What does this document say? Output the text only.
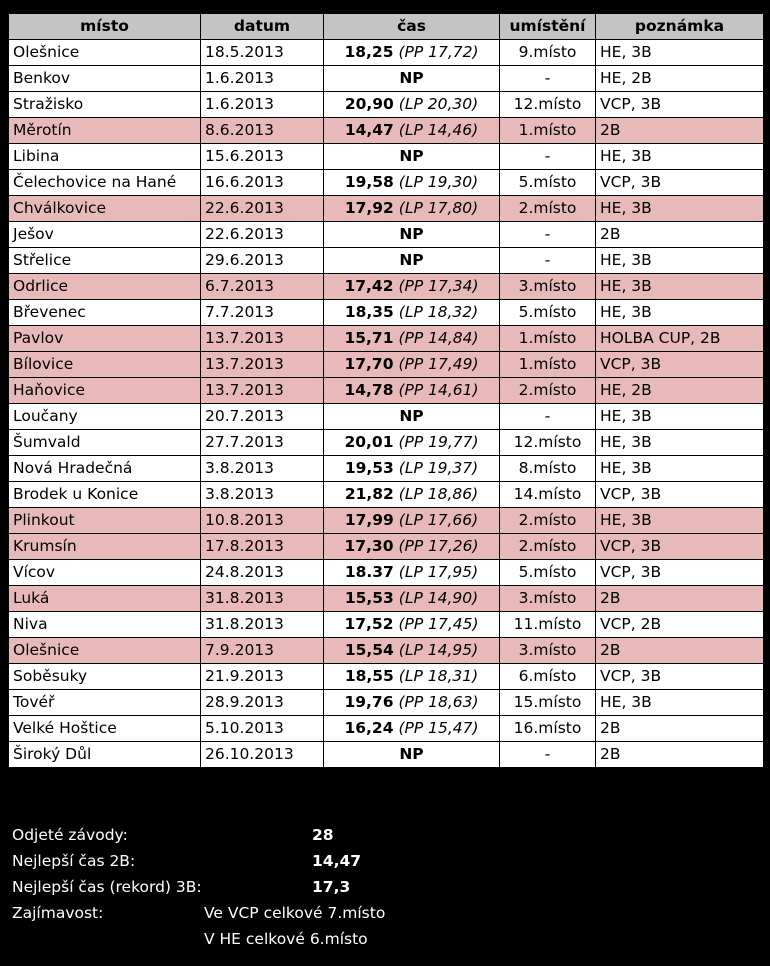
místo	datum	čas	umístění	poznámka
Olešnice	18.5.2013	18,25 (PP 17,72)	9.místo	HE, 3B
Benkov	1.6.2013	NP	-	HE, 2B
Stražisko	1.6.2013	20,90 (LP 20,30)	12.místo	VCP, 3B
Měrotín	8.6.2013	14,47 (LP 14,46)	1.místo	2B
Libina	15.6.2013	NP	-	HE, 3B
Čelechovice na Hané	16.6.2013	19,58 (LP 19,30)	5.místo	VCP, 3B
Chválkovice	22.6.2013	17,92 (LP 17,80)	2.místo	HE, 3B
Ješov	22.6.2013	NP	-	2B
Střelice	29.6.2013	NP	-	HE, 3B
Odrlice	6.7.2013	17,42 (PP 17,34)	3.místo	HE, 3B
Břevenec	7.7.2013	18,35 (LP 18,32)	5.místo	HE, 3B
Pavlov	13.7.2013	15,71 (PP 14,84)	1.místo	HOLBA CUP, 2B
Bílovice	13.7.2013	17,70 (PP 17,49)	1.místo	VCP, 3B
Haňovice	13.7.2013	14,78 (PP 14,61)	2.místo	HE, 2B
Loučany	20.7.2013	NP	-	HE, 3B
Šumvald	27.7.2013	20,01 (PP 19,77)	12.místo	HE, 3B
Nová Hradečná	3.8.2013	19,53 (LP 19,37)	8.místo	HE, 3B
Brodek u Konice	3.8.2013	21,82 (LP 18,86)	14.místo	VCP, 3B
Plinkout	10.8.2013	17,99 (LP 17,66)	2.místo	HE, 3B
Krumsín	17.8.2013	17,30 (PP 17,26)	2.místo	VCP, 3B
Vícov	24.8.2013	18.37 (LP 17,95)	5.místo	VCP, 3B
Luká	31.8.2013	15,53 (LP 14,90)	3.místo	2B
Niva	31.8.2013	17,52 (PP 17,45)	11.místo	VCP, 2B
Olešnice	7.9.2013	15,54 (LP 14,95)	3.místo	2B
Soběsuky	21.9.2013	18,55 (LP 18,31)	6.místo	VCP, 3B
Tovéř	28.9.2013	19,76 (PP 18,63)	15.místo	HE, 3B
Velké Hoštice	5.10.2013	16,24 (PP 15,47)	16.místo	2B
Široký Důl	26.10.2013	NP	-	2B
Odjeté závody:	28
Nejlepší čas 2B:	14,47
Nejlepší čas (rekord) 3B:	17,3
Zajímavost:	Ve VCP celkové 7.místo
V HE celkové 6.místo
